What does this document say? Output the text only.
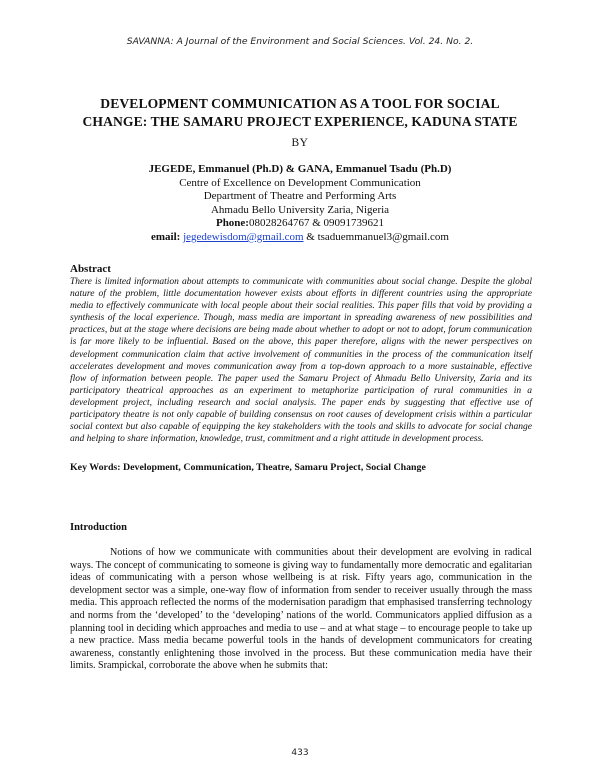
SAVANNA: A Journal of the Environment and Social Sciences. Vol. 24. No. 2.
DEVELOPMENT COMMUNICATION AS A TOOL FOR SOCIAL
CHANGE: THE SAMARU PROJECT EXPERIENCE, KADUNA STATE
BY
JEGEDE, Emmanuel (Ph.D) & GANA, Emmanuel Tsadu (Ph.D)
Centre of Excellence on Development Communication
Department of Theatre and Performing Arts
Ahmadu Bello University Zaria, Nigeria
Phone:08028264767 & 09091739621
email: jegedewisdom@gmail.com & tsaduemmanuel3@gmail.com
Abstract
There is limited information about attempts to communicate with communities about social change. Despite the global nature of the problem, little documentation however exists about efforts in different countries using the appropriate media to effectively communicate with local people about their social realities. This paper fills that void by providing a synthesis of the local experience. Though, mass media are important in spreading awareness of new possibilities and practices, but at the stage where decisions are being made about whether to adopt or not to adopt, forum communication is far more likely to be influential. Based on the above, this paper therefore, aligns with the newer perspectives on development communication claim that active involvement of communities in the process of the communication itself accelerates development and moves communication away from a top-down approach to a more sustainable, effective flow of information between people. The paper used the Samaru Project of Ahmadu Bello University, Zaria and its participatory theatrical approaches as an experiment to metaphorize participation of rural communities in a development project, including research and social analysis. The paper ends by suggesting that effective use of participatory theatre is not only capable of building consensus on root causes of development crisis within a particular social context but also capable of equipping the key stakeholders with the tools and skills to advocate for social change and helping to share information, knowledge, trust, commitment and a right attitude in development process.
Key Words: Development, Communication, Theatre, Samaru Project, Social Change
Introduction
Notions of how we communicate with communities about their development are evolving in radical ways. The concept of communicating to someone is giving way to fundamentally more democratic and egalitarian ideas of communicating with a person whose wellbeing is at risk. Fifty years ago, communication in the development sector was a simple, one-way flow of information from sender to receiver usually through the mass media. This approach reflected the norms of the modernisation paradigm that emphasised transferring technology and norms from the ‘developed’ to the ‘developing’ nations of the world. Communicators applied diffusion as a planning tool in deciding which approaches and media to use – and at what stage – to encourage people to take up a new practice. Mass media became powerful tools in the hands of development communicators for creating awareness, constantly enlightening those involved in the process. But these communication media have their limits. Srampickal, corroborate the above when he submits that:
433
